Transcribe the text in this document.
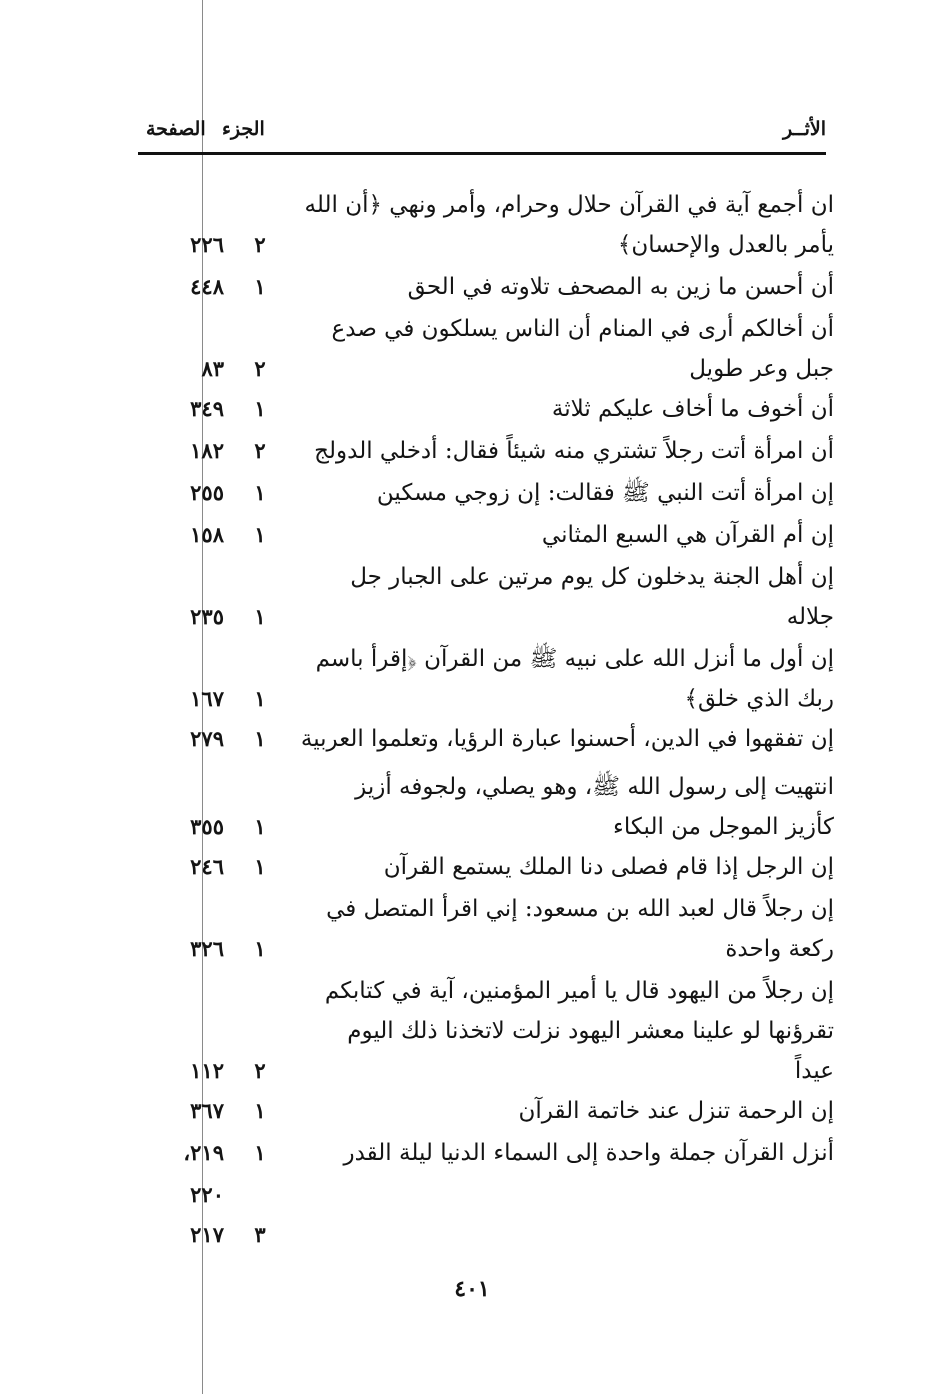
الأثــر
الجزء
الصفحة
ان أجمع آية في القرآن حلال وحرام، وأمر ونهي ﴿أن الله
يأمر بالعدل والإحسان﴾
٢
٢٢٦
أن أحسن ما زين به المصحف تلاوته في الحق
١
٤٤٨
أن أخالكم أرى في المنام أن الناس يسلكون في صدع
جبل وعر طويل
٢
٨٣
أن أخوف ما أخاف عليكم ثلاثة
١
٣٤٩
أن امرأة أتت رجلاً تشتري منه شيئاً فقال: أدخلي الدولج
٢
١٨٢
إن امرأة أتت النبي ﷺ فقالت: إن زوجي مسكين
١
٢٥٥
إن أم القرآن هي السبع المثاني
١
١٥٨
إن أهل الجنة يدخلون كل يوم مرتين على الجبار جل
جلاله
١
٢٣٥
إن أول ما أنزل الله على نبيه ﷺ من القرآن ﴿إقرأ باسم
ربك الذي خلق﴾
١
١٦٧
إن تفقهوا في الدين، أحسنوا عبارة الرؤيا، وتعلموا العربية
١
٢٧٩
انتهيت إلى رسول الله ﷺ، وهو يصلي، ولجوفه أزيز
كأزيز الموجل من البكاء
١
٣٥٥
إن الرجل إذا قام فصلى دنا الملك يستمع القرآن
١
٢٤٦
إن رجلاً قال لعبد الله بن مسعود: إني اقرأ المتصل في
ركعة واحدة
١
٣٢٦
إن رجلاً من اليهود قال يا أمير المؤمنين، آية في كتابكم
تقرؤنها لو علينا معشر اليهود نزلت لاتخذنا ذلك اليوم
عيداً
٢
١١٢
إن الرحمة تنزل عند خاتمة القرآن
١
٣٦٧
أنزل القرآن جملة واحدة إلى السماء الدنيا ليلة القدر
١
٢١٩،
٢٢٠
٣
٢١٧
٤٠١
